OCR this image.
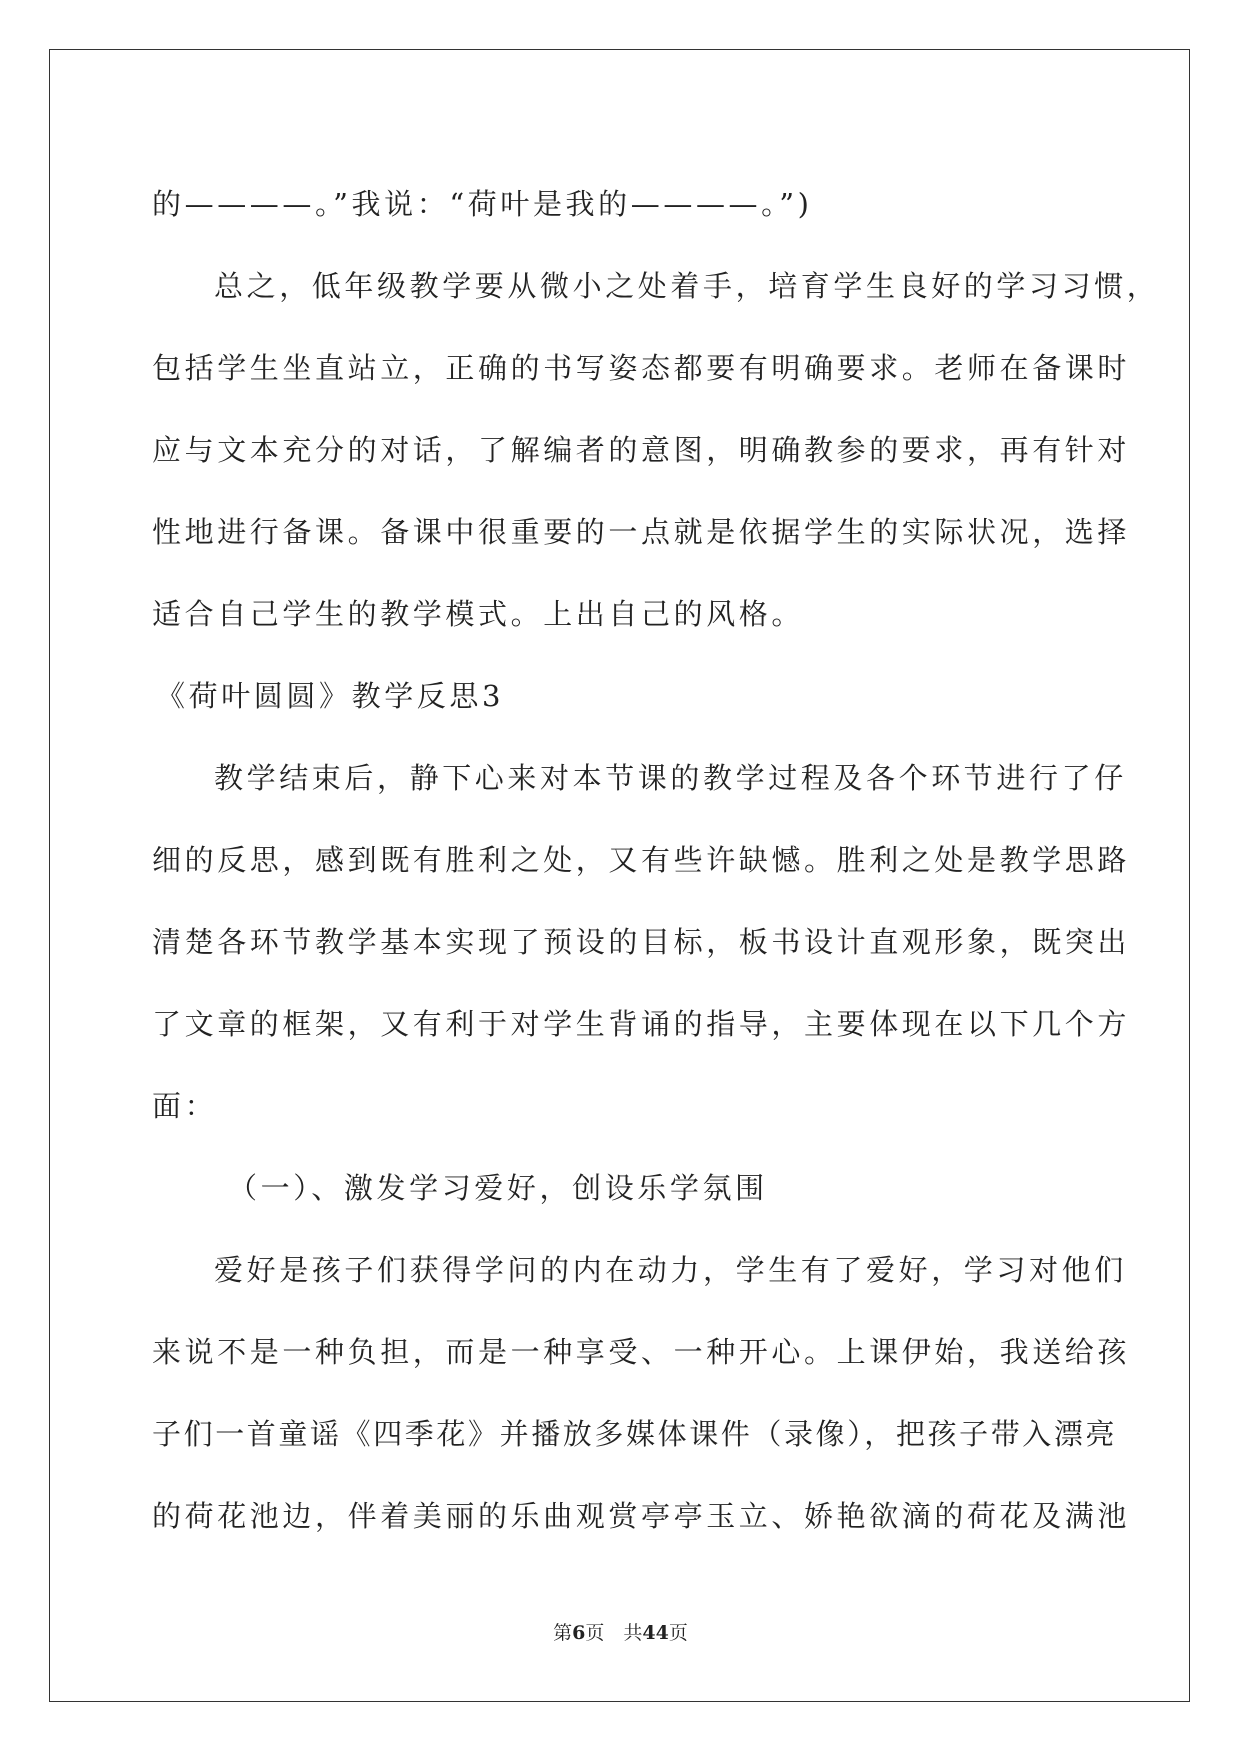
的————。”我说：“荷叶是我的————。”)

总之，低年级教学要从微小之处着手，培育学生良好的学习习惯，

包括学生坐直站立，正确的书写姿态都要有明确要求。老师在备课时

应与文本充分的对话，了解编者的意图，明确教参的要求，再有针对

性地进行备课。备课中很重要的一点就是依据学生的实际状况，选择

适合自己学生的教学模式。上出自己的风格。

《荷叶圆圆》教学反思3

教学结束后，静下心来对本节课的教学过程及各个环节进行了仔

细的反思，感到既有胜利之处，又有些许缺憾。胜利之处是教学思路

清楚各环节教学基本实现了预设的目标，板书设计直观形象，既突出

了文章的框架，又有利于对学生背诵的指导，主要体现在以下几个方

面：

（一）、激发学习爱好，创设乐学氛围

爱好是孩子们获得学问的内在动力，学生有了爱好，学习对他们

来说不是一种负担，而是一种享受、一种开心。上课伊始，我送给孩

子们一首童谣《四季花》并播放多媒体课件（录像），把孩子带入漂亮

的荷花池边，伴着美丽的乐曲观赏亭亭玉立、娇艳欲滴的荷花及满池

第6页　共44页
